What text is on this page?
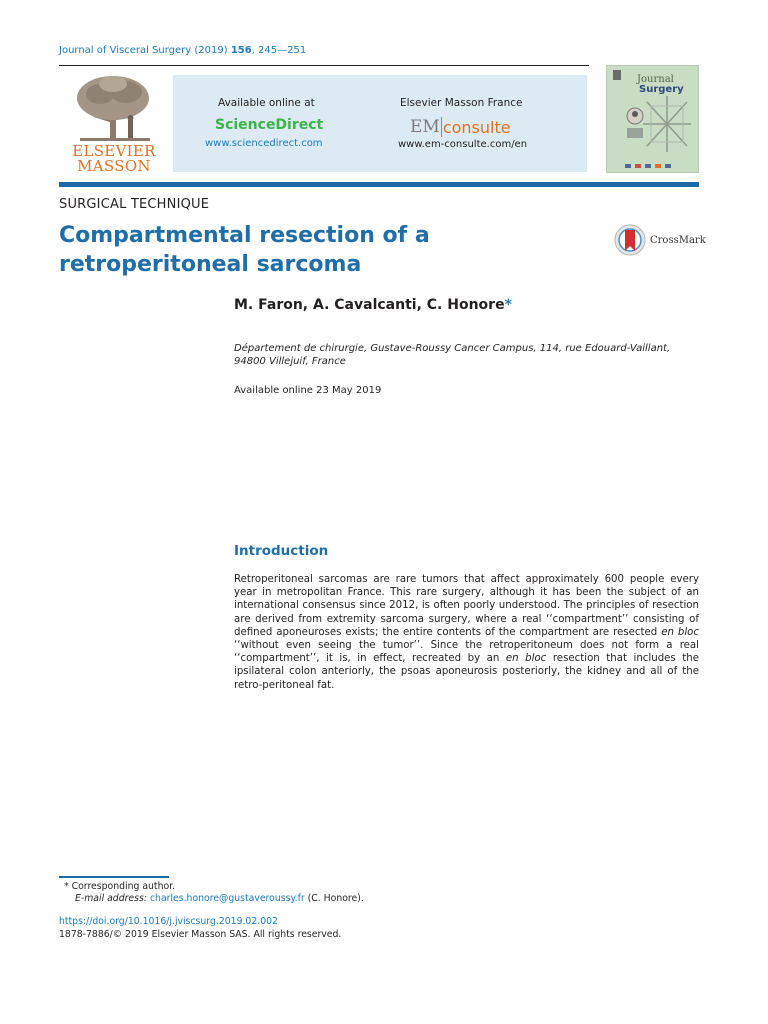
Journal of Visceral Surgery (2019) 156, 245—251
ELSEVIER
MASSON
Available online at
ScienceDirect
www.sciencedirect.com
Elsevier Masson France
EM consulte
www.em-consulte.com/en
Journal
Surgery
SURGICAL TECHNIQUE
Compartmental resection of a
retroperitoneal sarcoma
CrossMark
M. Faron, A. Cavalcanti, C. Honore*
Département de chirurgie, Gustave-Roussy Cancer Campus, 114, rue Edouard-Vaillant, 94800 Villejuif, France
Available online 23 May 2019
Introduction

Retroperitoneal sarcomas are rare tumors that affect approximately 600 people every year in metropolitan France. This rare surgery, although it has been the subject of an international consensus since 2012, is often poorly understood. The principles of resection are derived from extremity sarcoma surgery, where a real ‘‘compartment’’ consisting of defined aponeuroses exists; the entire contents of the compartment are resected en bloc ‘‘without even seeing the tumor’’. Since the retroperitoneum does not form a real ‘‘compartment’’, it is, in effect, recreated by an en bloc resection that includes the ipsilateral colon anteriorly, the psoas aponeurosis posteriorly, the kidney and all of the retro-peritoneal fat.

* Corresponding author.
E-mail address: charles.honore@gustaveroussy.fr (C. Honore).
https://doi.org/10.1016/j.jviscsurg.2019.02.002
1878-7886/© 2019 Elsevier Masson SAS. All rights reserved.
